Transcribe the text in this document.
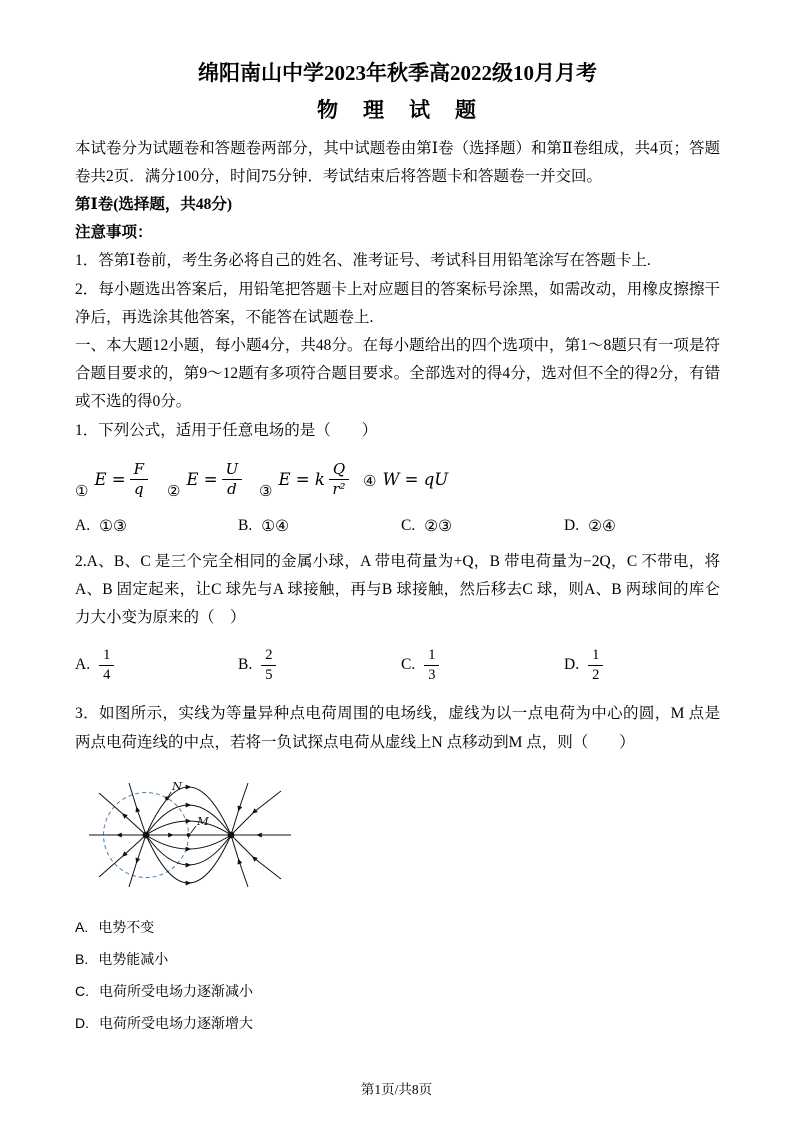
绵阳南山中学2023年秋季高2022级10月月考
物　理　试　题

本试卷分为试题卷和答题卷两部分，其中试题卷由第Ⅰ卷（选择题）和第Ⅱ卷组成，共4页；答题卷共2页．满分100分，时间75分钟．考试结束后将答题卡和答题卷一并交回。

第Ⅰ卷(选择题，共48分)

注意事项：

1．答第Ⅰ卷前，考生务必将自己的姓名、准考证号、考试科目用铅笔涂写在答题卡上.

2．每小题选出答案后，用铅笔把答题卡上对应题目的答案标号涂黑，如需改动，用橡皮擦擦干净后，再选涂其他答案，不能答在试题卷上.

一、本大题12小题，每小题4分，共48分。在每小题给出的四个选项中，第1～8题只有一项是符合题目要求的，第9～12题有多项符合题目要求。全部选对的得4分，选对但不全的得2分，有错或不选的得0分。

1．下列公式，适用于任意电场的是（　　）

①
$E = \frac{F}{q}$ ②
$E = \frac{U}{d}$ ③
E = k $\frac{Q}{\text{r²}}$ ④ W = qU
A. ①③	B. ①④	C. ②③	D. ②④

2.A、B、C 是三个完全相同的金属小球，A 带电荷量为+Q，B 带电荷量为−2Q，C 不带电，将A、B 固定起来，让C 球先与A 球接触，再与B 球接触，然后移去C 球，则A、B 两球间的库仑力大小变为原来的（　）

A. $\frac{1}{4}$	B. $\frac{2}{5}$	C. $\frac{1}{3}$	D. $\frac{1}{2}$

3．如图所示，实线为等量异种点电荷周围的电场线，虚线为以一点电荷为中心的圆，M 点是两点电荷连线的中点，若将一负试探点电荷从虚线上N 点移动到M 点，则（　　）

N
M
A. 电势不变
B. 电势能减小
C. 电荷所受电场力逐渐减小
D. 电荷所受电场力逐渐增大
第1页/共8页
